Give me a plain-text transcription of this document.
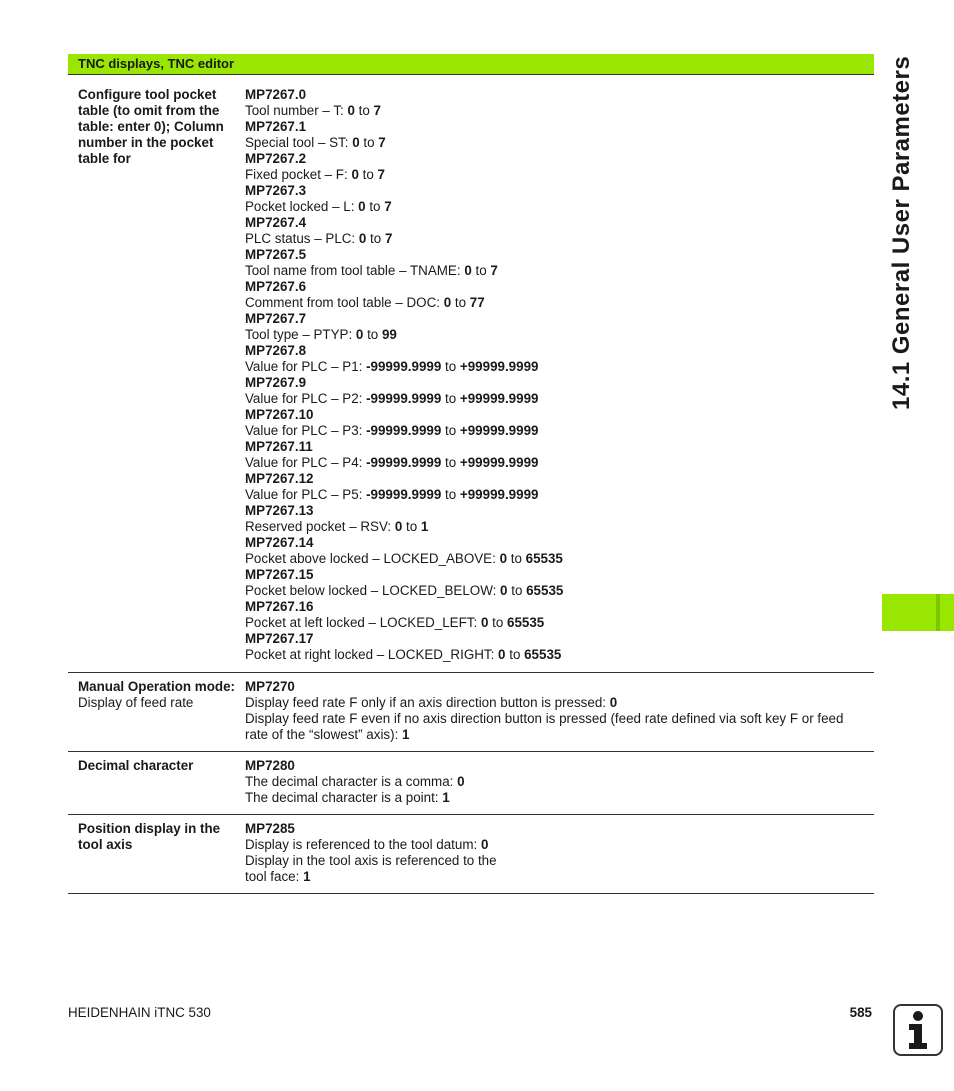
14.1 General User Parameters
TNC displays, TNC editor
Configure tool pocket table (to omit from the table: enter 0); Column number in the pocket table for
MP7267.0
Tool number – T: 0 to 7
MP7267.1
Special tool – ST: 0 to 7
MP7267.2
Fixed pocket – F: 0 to 7
MP7267.3
Pocket locked – L: 0 to 7
MP7267.4
PLC status – PLC: 0 to 7
MP7267.5
Tool name from tool table – TNAME: 0 to 7
MP7267.6
Comment from tool table – DOC: 0 to 77
MP7267.7
Tool type – PTYP: 0 to 99
MP7267.8
Value for PLC – P1: -99999.9999 to +99999.9999
MP7267.9
Value for PLC – P2: -99999.9999 to +99999.9999
MP7267.10
Value for PLC – P3: -99999.9999 to +99999.9999
MP7267.11
Value for PLC – P4: -99999.9999 to +99999.9999
MP7267.12
Value for PLC – P5: -99999.9999 to +99999.9999
MP7267.13
Reserved pocket – RSV: 0 to 1
MP7267.14
Pocket above locked – LOCKED_ABOVE: 0 to 65535
MP7267.15
Pocket below locked – LOCKED_BELOW: 0 to 65535
MP7267.16
Pocket at left locked – LOCKED_LEFT: 0 to 65535
MP7267.17
Pocket at right locked – LOCKED_RIGHT: 0 to 65535
Manual Operation mode: Display of feed rate
MP7270
Display feed rate F only if an axis direction button is pressed: 0
Display feed rate F even if no axis direction button is pressed (feed rate defined via soft key F or feed rate of the “slowest” axis): 1
Decimal character	MP7280
The decimal character is a comma: 0
The decimal character is a point: 1
Position display in the tool axis
MP7285
Display is referenced to the tool datum: 0
Display in the tool axis is referenced to the
tool face: 1
HEIDENHAIN iTNC 530	585
